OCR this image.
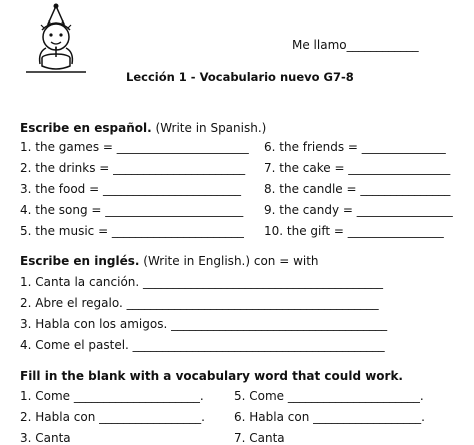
Me llamo____________
Lección 1 - Vocabulario nuevo G7-8
Escribe en español. (Write in Spanish.)
1. the games = ______________________
2. the drinks = ______________________
3. the food = _______________________
4. the song = _______________________
5. the music = ______________________
6. the friends = ______________
7. the cake = _________________
8. the candle = _______________
9. the candy = ________________
10. the gift = ________________
Escribe en inglés. (Write in English.) con = with
1. Canta la canción. ________________________________________
2. Abre el regalo. __________________________________________
3. Habla con los amigos. ____________________________________
4. Come el pastel. __________________________________________
Fill in the blank with a vocabulary word that could work.
1. Come _____________________.
2. Habla con _________________.
3. Canta
5. Come ______________________.
6. Habla con __________________.
7. Canta
